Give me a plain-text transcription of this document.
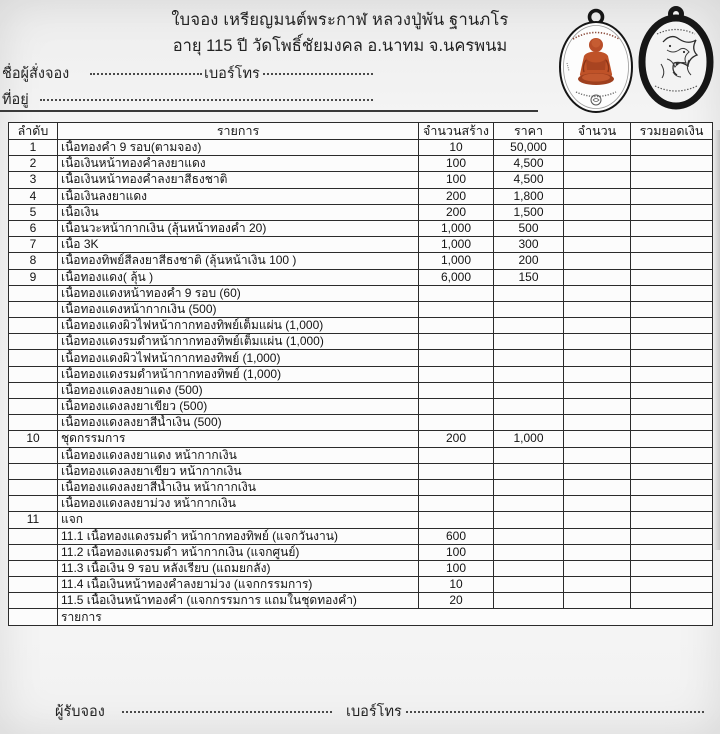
ใบจอง เหรียญมนต์พระกาฬ หลวงปู่พัน ฐานภโร
อายุ 115 ปี วัดโพธิ์ชัยมงคล อ.นาทม จ.นครพนม
ชื่อผู้สั่งจอง	เบอร์โทร
ที่อยู่
ลำดับ	รายการ	จำนวนสร้าง	ราคา	จำนวน	รวมยอดเงิน
1	เนื้อทองคำ 9 รอบ(ตามจอง)	10	50,000		
2	เนื้อเงินหน้าทองคำลงยาแดง	100	4,500		
3	เนื้อเงินหน้าทองคำลงยาสีธงชาติ	100	4,500		
4	เนื้อเงินลงยาแดง	200	1,800		
5	เนื้อเงิน	200	1,500		
6	เนื้อนวะหน้ากากเงิน (ลุ้นหน้าทองคำ 20)	1,000	500		
7	เนื้อ 3K	1,000	300		
8	เนื้อทองทิพย์สีลงยาสีธงชาติ (ลุ้นหน้าเงิน 100 )	1,000	200		
9	เนื้อทองแดง( ลุ้น )	6,000	150		
	เนื้อทองแดงหน้าทองคำ 9 รอบ (60)				
	เนื้อทองแดงหน้ากากเงิน (500)				
	เนื้อทองแดงผิวไฟหน้ากากทองทิพย์เต็มแผ่น (1,000)				
	เนื้อทองแดงรมดำหน้ากากทองทิพย์เต็มแผ่น (1,000)				
	เนื้อทองแดงผิวไฟหน้ากากทองทิพย์ (1,000)				
	เนื้อทองแดงรมดำหน้ากากทองทิพย์ (1,000)				
	เนื้อทองแดงลงยาแดง (500)				
	เนื้อทองแดงลงยาเขียว (500)				
	เนื้อทองแดงลงยาสีน้ำเงิน (500)				
10	ชุดกรรมการ	200	1,000		
	เนื้อทองแดงลงยาแดง หน้ากากเงิน				
	เนื้อทองแดงลงยาเขียว หน้ากากเงิน				
	เนื้อทองแดงลงยาสีน้ำเงิน หน้ากากเงิน				
	เนื้อทองแดงลงยาม่วง หน้ากากเงิน				
11	แจก				
	11.1 เนื้อทองแดงรมดำ หน้ากากทองทิพย์ (แจกวันงาน)	600			
	11.2 เนื้อทองแดงรมดำ หน้ากากเงิน (แจกศูนย์)	100			
	11.3 เนื้อเงิน 9 รอบ หลังเรียบ (แถมยกลัง)	100			
	11.4 เนื้อเงินหน้าทองคำลงยาม่วง (แจกกรรมการ)	10			
	11.5 เนื้อเงินหน้าทองคำ (แจกกรรมการ แถมในชุดทองคำ)	20			
	รายการ				
ผู้รับจอง	เบอร์โทร
